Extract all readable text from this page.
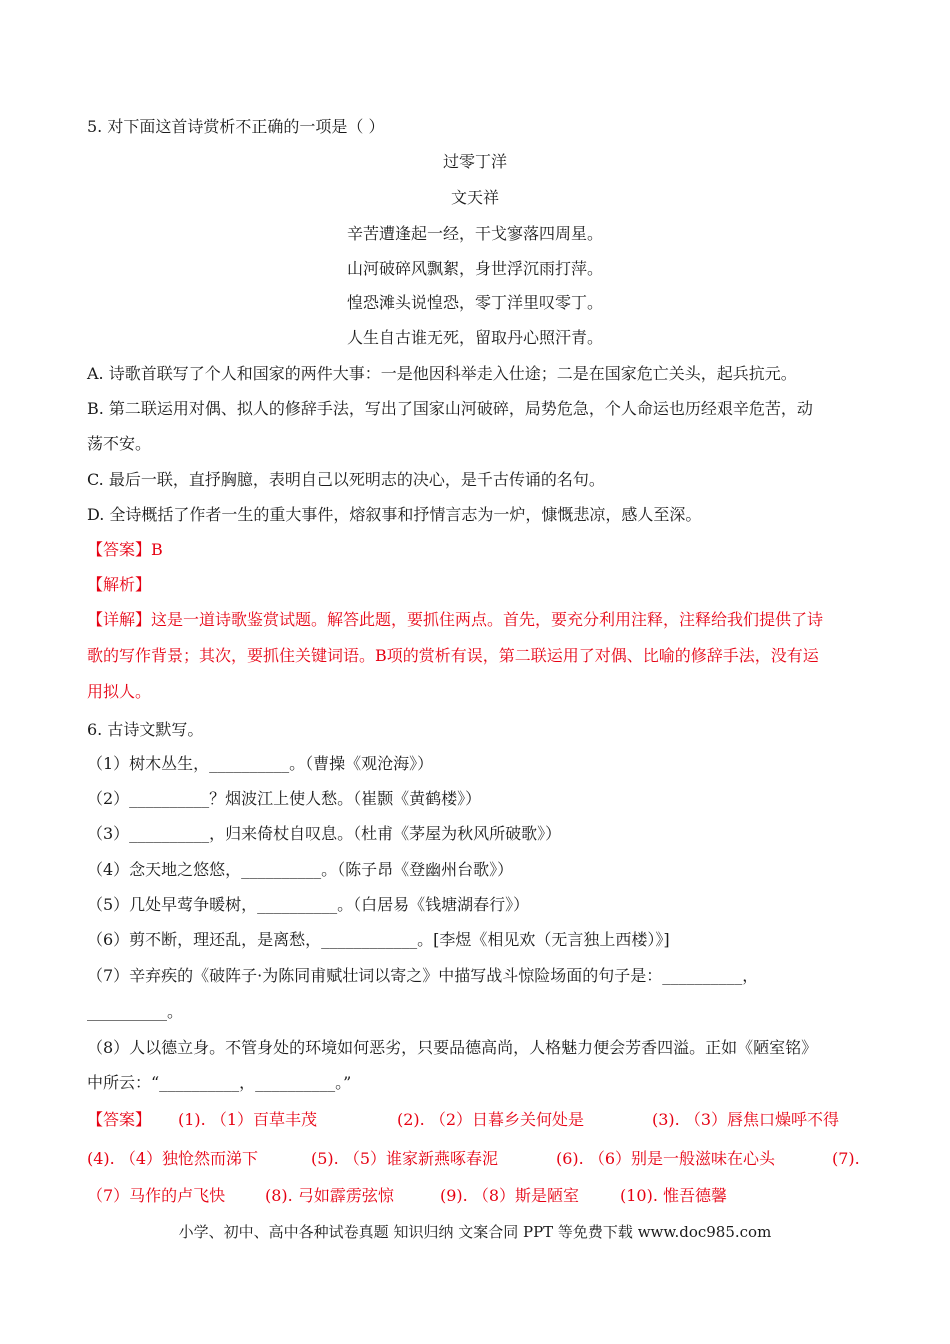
5. 对下面这首诗赏析不正确的一项是（ ）
过零丁洋
文天祥
辛苦遭逢起一经，干戈寥落四周星。
山河破碎风飘絮，身世浮沉雨打萍。
惶恐滩头说惶恐，零丁洋里叹零丁。
人生自古谁无死，留取丹心照汗青。
A. 诗歌首联写了个人和国家的两件大事：一是他因科举走入仕途；二是在国家危亡关头，起兵抗元。
B. 第二联运用对偶、拟人的修辞手法，写出了国家山河破碎，局势危急，个人命运也历经艰辛危苦，动
荡不安。
C. 最后一联，直抒胸臆，表明自己以死明志的决心，是千古传诵的名句。
D. 全诗概括了作者一生的重大事件，熔叙事和抒情言志为一炉，慷慨悲凉，感人至深。
【答案】B
【解析】
【详解】这是一道诗歌鉴赏试题。解答此题，要抓住两点。首先，要充分利用注释，注释给我们提供了诗
歌的写作背景；其次，要抓住关键词语。B项的赏析有误，第二联运用了对偶、比喻的修辞手法，没有运
用拟人。
6. 古诗文默写。
（1）树木丛生，__________。（曹操《观沧海》）
（2）__________？烟波江上使人愁。（崔颢《黄鹤楼》）
（3）__________，归来倚杖自叹息。（杜甫《茅屋为秋风所破歌》）
（4）念天地之悠悠，__________。（陈子昂《登幽州台歌》）
（5）几处早莺争暖树，__________。（白居易《钱塘湖春行》）
（6）剪不断，理还乱，是离愁，____________。[李煜《相见欢（无言独上西楼）》]
（7）辛弃疾的《破阵子·为陈同甫赋壮词以寄之》中描写战斗惊险场面的句子是：__________，
__________。
（8）人以德立身。不管身处的环境如何恶劣，只要品德高尚，人格魅力便会芳香四溢。正如《陋室铭》
中所云：“__________，__________。”
【答案】 (1). （1）百草丰茂	(2). （2）日暮乡关何处是	(3). （3）唇焦口燥呼不得
(4). （4）独怆然而涕下	(5). （5）谁家新燕啄春泥	(6). （6）别是一般滋味在心头	(7).
（7）马作的卢飞快 (8). 弓如霹雳弦惊	(9). （8）斯是陋室	(10). 惟吾德馨
小学、初中、高中各种试卷真题 知识归纳 文案合同 PPT 等免费下载 www.doc985.com
